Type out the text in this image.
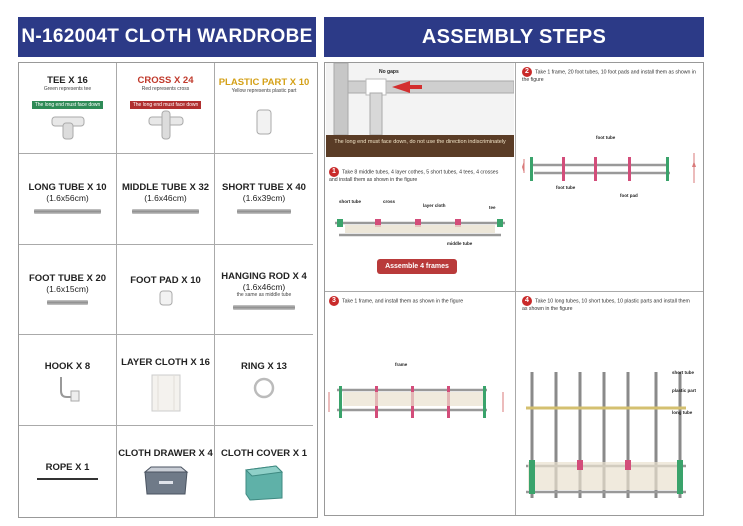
N-162004T CLOTH WARDROBE	ASSEMBLY STEPS
TEE X 16
Green represents tee
The long end must face down
CROSS X 24
Red represents cross
The long end must face down
PLASTIC PART X 10
Yellow represents plastic part
LONG TUBE X 10
(1.6x56cm)
MIDDLE TUBE X 32
(1.6x46cm)
SHORT TUBE X 40
(1.6x39cm)
FOOT TUBE X 20
(1.6x15cm)
FOOT PAD X 10	HANGING ROD X 4
(1.6x46cm)
the same as middle tube
HOOK X 8	LAYER CLOTH X 16	RING X 13
ROPE X 1
CLOTH DRAWER X 4 CLOTH COVER X 1
No gaps
The long end must face down, do not use the direction indiscriminately
1 Take 8 middle tubes, 4 layer cothes, 5 short tubes, 4 tees, 4 crosses and install them as shown in the figure
short tube	cross
layer cloth	tee
middle tube
Assemble 4 frames
2 Take 1 frame, 20 foot tubes, 10 foot pads and install them as shown in the figure
foot tube
foot tube
foot pad
3 Take 1 frame, and install them as shown in the figure
frame
4 Take 10 long tubes, 10 short tubes, 10 plastic parts and install them as shown in the figure
short tube
plastic part
long tube
